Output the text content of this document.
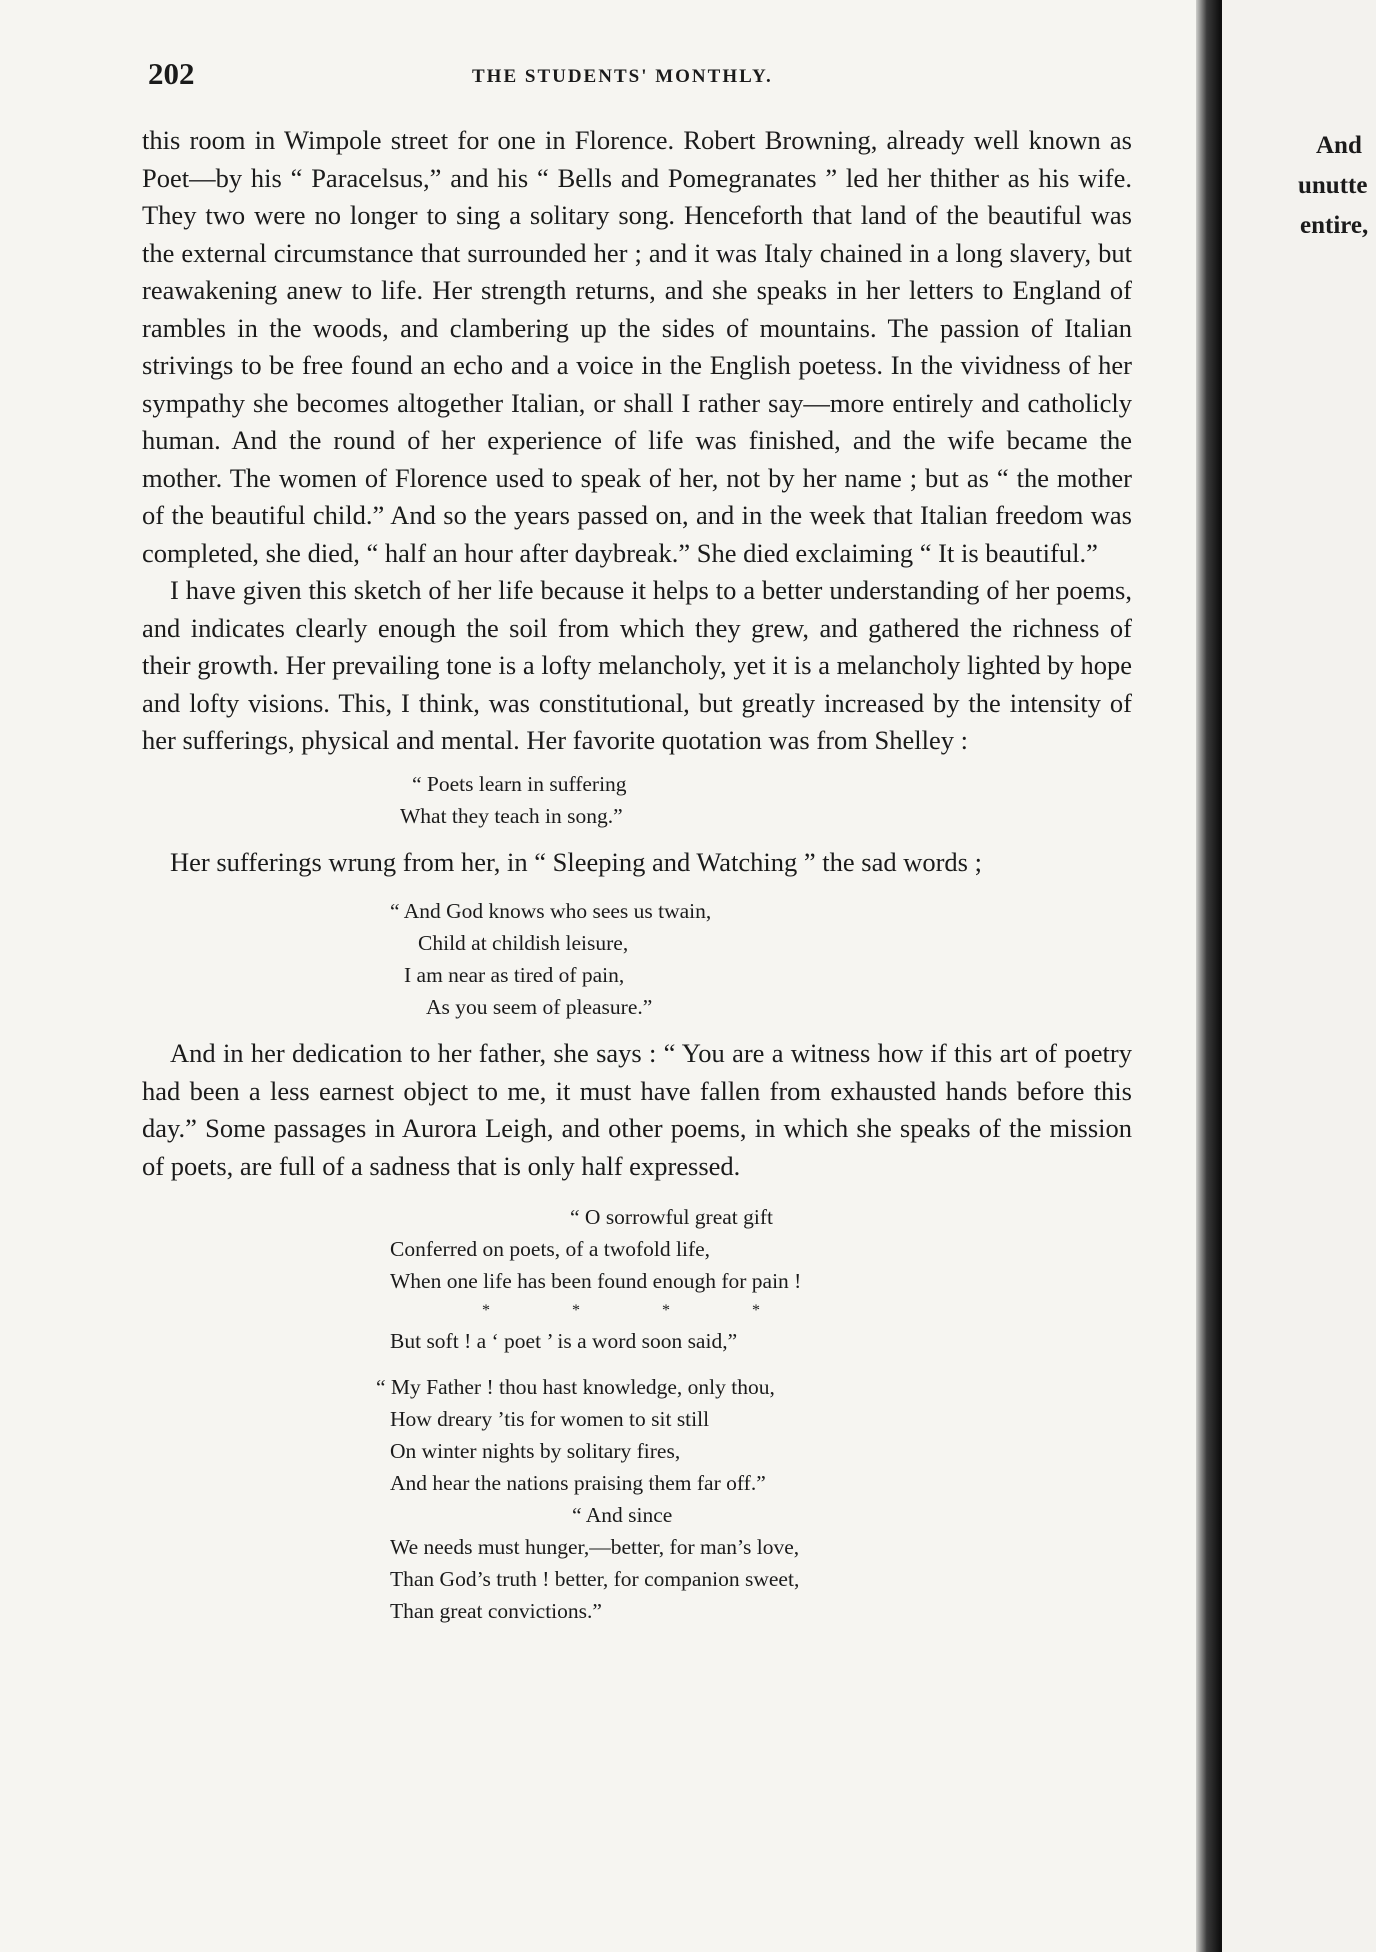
202	THE STUDENTS' MONTHLY.

this room in Wimpole street for one in Florence. Robert Browning, already well known as Poet—by his “ Paracelsus,” and his “ Bells and Pomegranates ” led her thither as his wife. They two were no longer to sing a solitary song. Henceforth that land of the beautiful was the external circumstance that surrounded her ; and it was Italy chained in a long slavery, but reawakening anew to life. Her strength returns, and she speaks in her letters to England of rambles in the woods, and clambering up the sides of mountains. The passion of Italian strivings to be free found an echo and a voice in the English poetess. In the vividness of her sympathy she becomes altogether Italian, or shall I rather say—more entirely and catholicly human. And the round of her experience of life was finished, and the wife became the mother. The women of Florence used to speak of her, not by her name ; but as “ the mother of the beautiful child.” And so the years passed on, and in the week that Italian freedom was completed, she died, “ half an hour after daybreak.” She died exclaiming “ It is beautiful.”

I have given this sketch of her life because it helps to a better understanding of her poems, and indicates clearly enough the soil from which they grew, and gathered the richness of their growth. Her prevailing tone is a lofty melancholy, yet it is a melancholy lighted by hope and lofty visions. This, I think, was constitutional, but greatly increased by the intensity of her sufferings, physical and mental. Her favorite quotation was from Shelley :

“ Poets learn in suffering
What they teach in song.”

Her sufferings wrung from her, in “ Sleeping and Watching ” the sad words ;

“ And God knows who sees us twain,
Child at childish leisure,
I am near as tired of pain,
As you seem of pleasure.”

And in her dedication to her father, she says : “ You are a witness how if this art of poetry had been a less earnest object to me, it must have fallen from exhausted hands before this day.” Some passages in Aurora Leigh, and other poems, in which she speaks of the mission of poets, are full of a sadness that is only half expressed.

“ O sorrowful great gift
Conferred on poets, of a twofold life,
When one life has been found enough for pain !
* * * *
But soft ! a ‘ poet ’ is a word soon said,”
“ My Father ! thou hast knowledge, only thou,
How dreary ’tis for women to sit still
On winter nights by solitary fires,
And hear the nations praising them far off.”
“ And since
We needs must hunger,—better, for man’s love,
Than God’s truth ! better, for companion sweet,
Than great convictions.”
And
unutte
entire,
